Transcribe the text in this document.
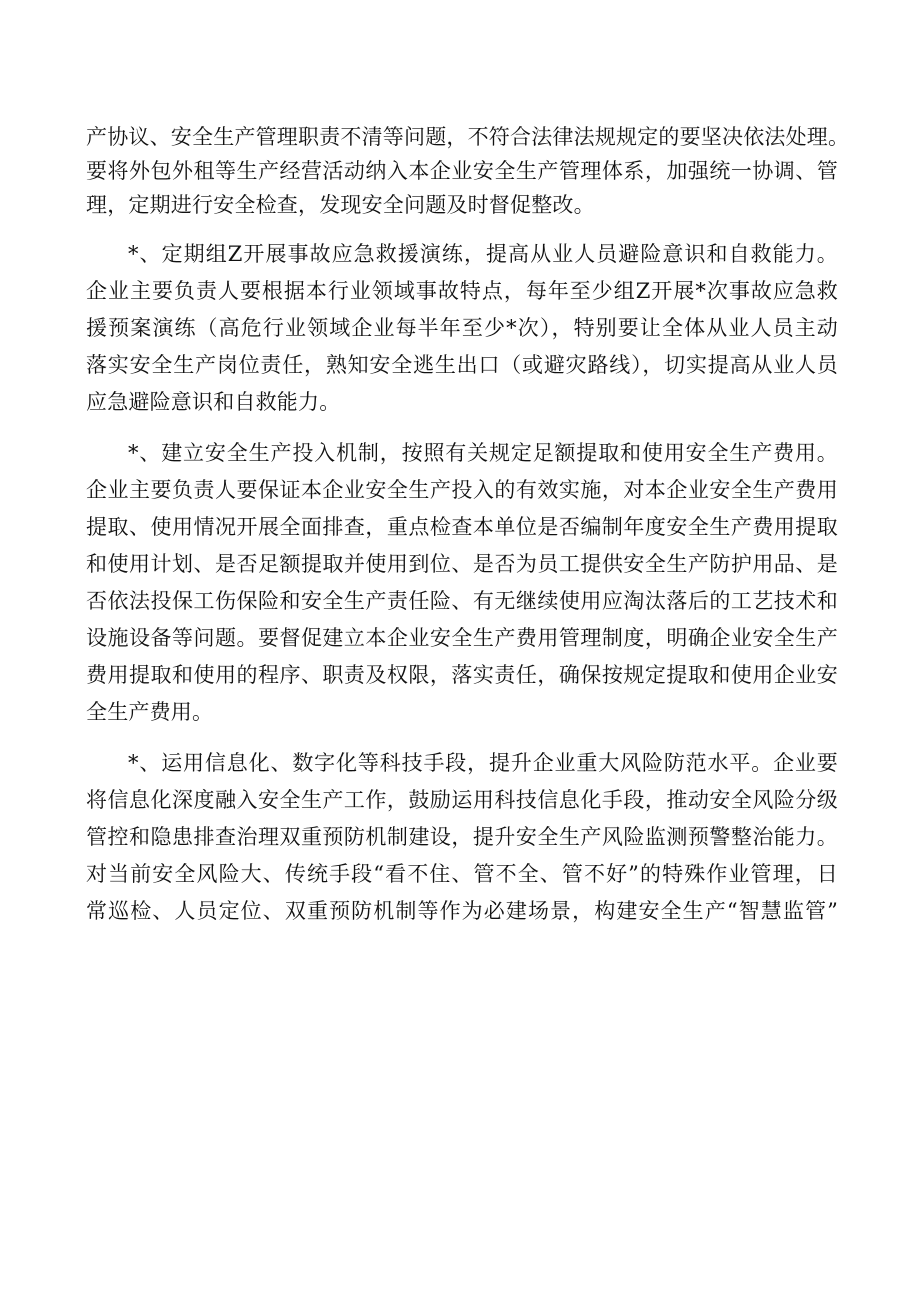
产协议、安全生产管理职责不清等问题，不符合法律法规规定的要坚决依法处理。
要将外包外租等生产经营活动纳入本企业安全生产管理体系，加强统一协调、管
理，定期进行安全检查，发现安全问题及时督促整改。
*、定期组Z开展事故应急救援演练，提高从业人员避险意识和自救能力。
企业主要负责人要根据本行业领域事故特点，每年至少组Z开展*次事故应急救
援预案演练（高危行业领域企业每半年至少*次），特别要让全体从业人员主动
落实安全生产岗位责任，熟知安全逃生出口（或避灾路线），切实提高从业人员
应急避险意识和自救能力。
*、建立安全生产投入机制，按照有关规定足额提取和使用安全生产费用。
企业主要负责人要保证本企业安全生产投入的有效实施，对本企业安全生产费用
提取、使用情况开展全面排查，重点检查本单位是否编制年度安全生产费用提取
和使用计划、是否足额提取并使用到位、是否为员工提供安全生产防护用品、是
否依法投保工伤保险和安全生产责任险、有无继续使用应淘汰落后的工艺技术和
设施设备等问题。要督促建立本企业安全生产费用管理制度，明确企业安全生产
费用提取和使用的程序、职责及权限，落实责任，确保按规定提取和使用企业安
全生产费用。
*、运用信息化、数字化等科技手段，提升企业重大风险防范水平。企业要
将信息化深度融入安全生产工作，鼓励运用科技信息化手段，推动安全风险分级
管控和隐患排查治理双重预防机制建设，提升安全生产风险监测预警整治能力。
对当前安全风险大、传统手段“看不住、管不全、管不好”的特殊作业管理，日
常巡检、人员定位、双重预防机制等作为必建场景，构建安全生产“智慧监管”
